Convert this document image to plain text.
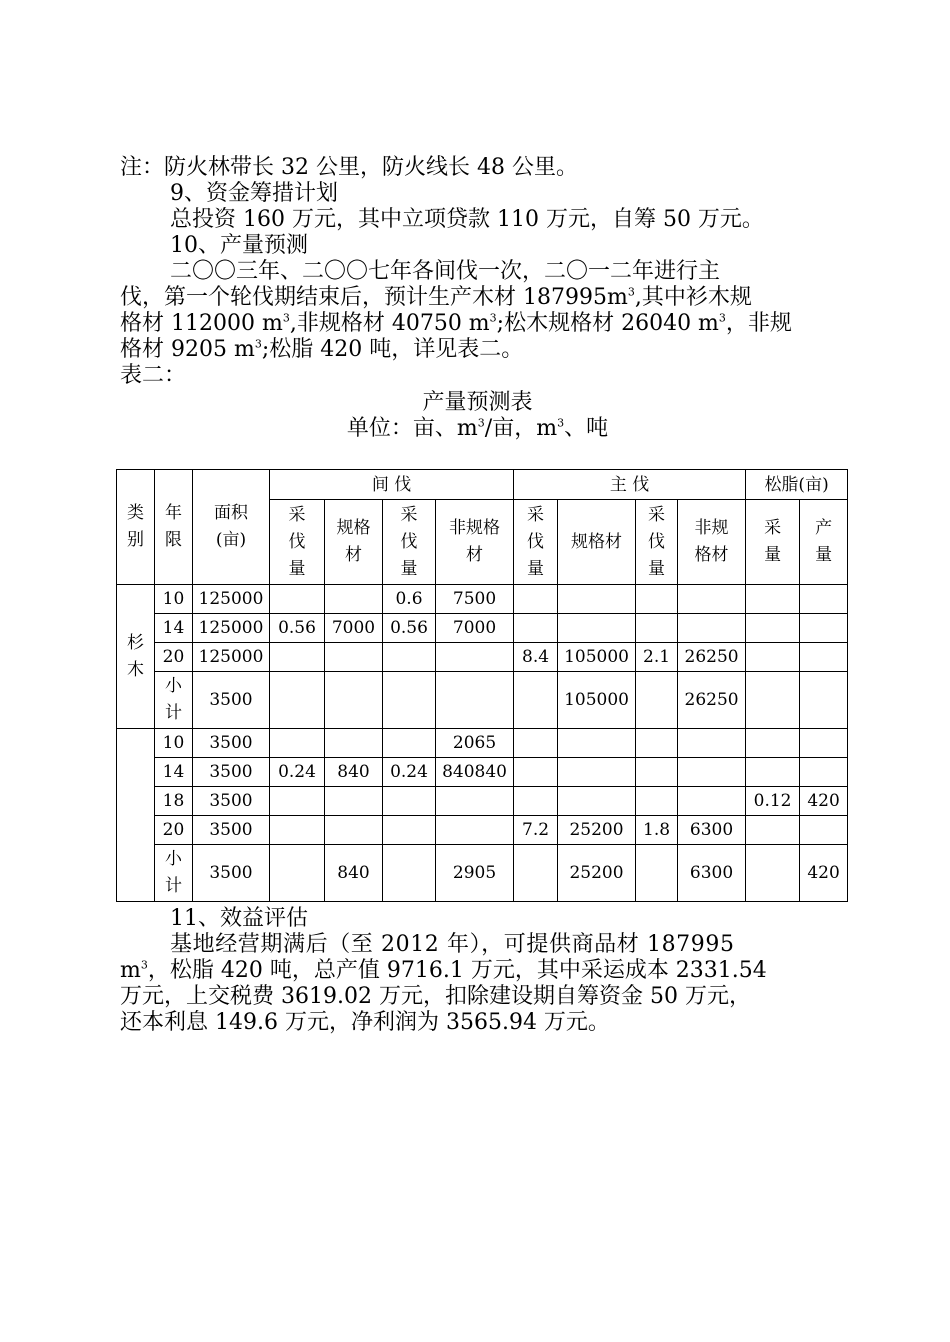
注：防火林带长 32 公里，防火线长 48 公里。

9、资金筹措计划

总投资 160 万元，其中立项贷款 110 万元，自筹 50 万元。

10、产量预测

二〇〇三年、二〇〇七年各间伐一次，二〇一二年进行主

伐，第一个轮伐期结束后，预计生产木材 $187995m^3$,其中衫木规

格材 112000 $m^3$,非规格材 40750 $m^3$;松木规格材 26040 $m^3$，非规

格材 9205 $m^3$;松脂 420 吨，详见表二。

表二：

产量预测表

单位：亩、$m^3/$亩，$m^3$、吨

类别	年限	面积(亩)	间 伐				主 伐				松脂(亩)	
			采伐量	规格材	采伐量	非规格材	采伐量	规格材	采伐量	非规格材	采量	产量
杉木	10	125000			0.6	7500						
	14	125000	0.56	7000	0.56	7000						
	20	125000					8.4	105000	2.1	26250		
	小计	3500						105000		26250		
	10	3500				2065						
	14	3500	0.24	840	0.24	840840						
	18	3500									0.12	420
	20	3500					7.2	25200	1.8	6300		
	小计	3500		840		2905		25200		6300		420

11、效益评估

基地经营期满后（至 2012 年），可提供商品材 187995

$m^3$，松脂 420 吨，总产值 9716.1 万元，其中采运成本 2331.54

万元，上交税费 3619.02 万元，扣除建设期自筹资金 50 万元，

还本利息 149.6 万元，净利润为 3565.94 万元。
